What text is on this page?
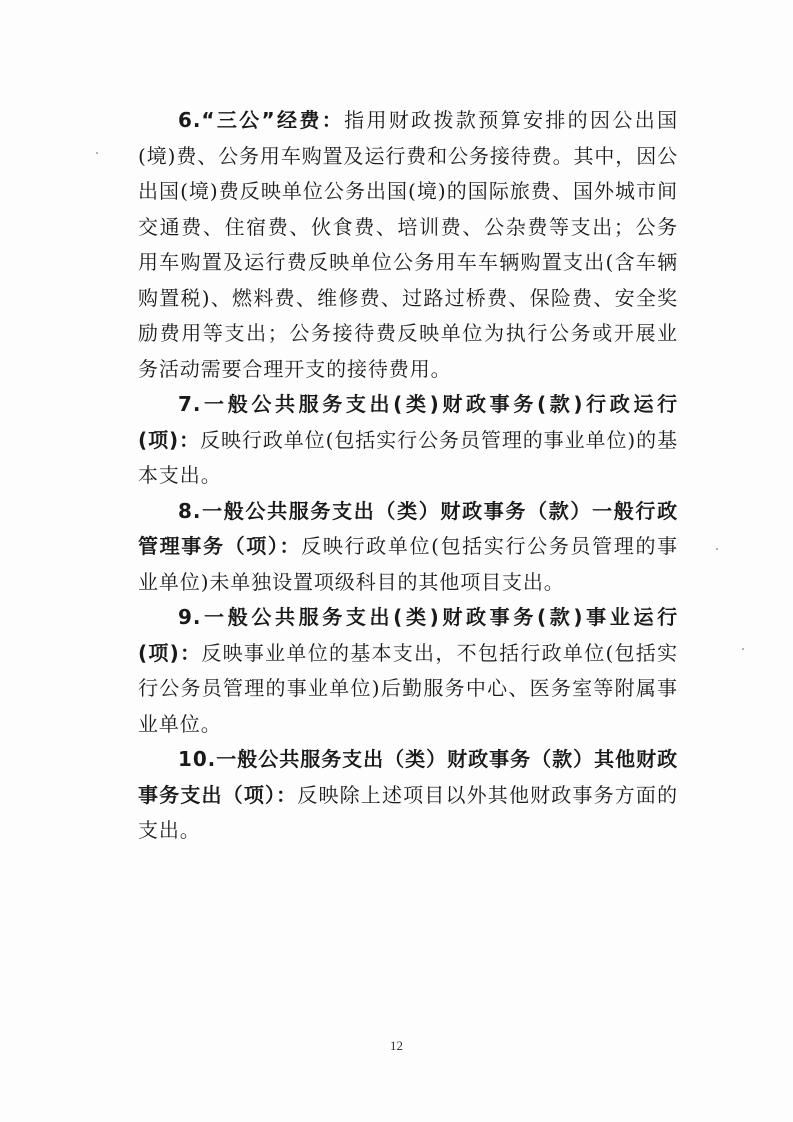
6.“三公”经费：指用财政拨款预算安排的因公出国(境)费、公务用车购置及运行费和公务接待费。其中，因公出国(境)费反映单位公务出国(境)的国际旅费、国外城市间交通费、住宿费、伙食费、培训费、公杂费等支出；公务用车购置及运行费反映单位公务用车车辆购置支出(含车辆购置税)、燃料费、维修费、过路过桥费、保险费、安全奖励费用等支出；公务接待费反映单位为执行公务或开展业务活动需要合理开支的接待费用。

7.一般公共服务支出(类)财政事务(款)行政运行(项)：反映行政单位(包括实行公务员管理的事业单位)的基本支出。

8.一般公共服务支出（类）财政事务（款）一般行政管理事务（项）：反映行政单位(包括实行公务员管理的事业单位)未单独设置项级科目的其他项目支出。

9.一般公共服务支出(类)财政事务(款)事业运行(项)：反映事业单位的基本支出，不包括行政单位(包括实行公务员管理的事业单位)后勤服务中心、医务室等附属事业单位。

10.一般公共服务支出（类）财政事务（款）其他财政事务支出（项）：反映除上述项目以外其他财政事务方面的支出。

12
